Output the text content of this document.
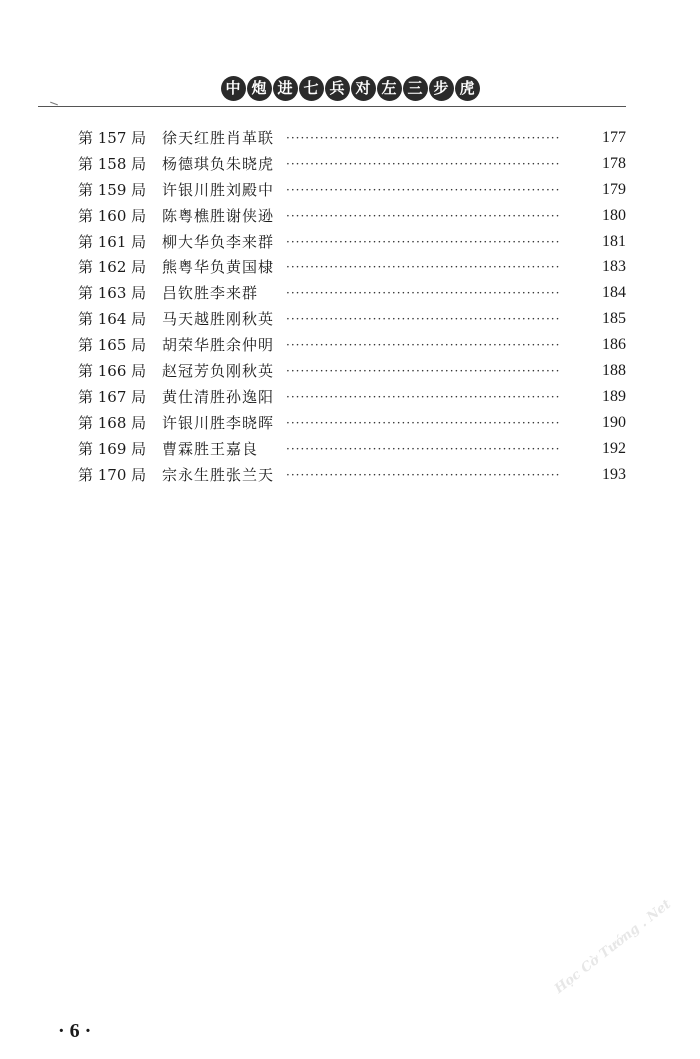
中 炮 进 七 兵 对 左 三 步 虎
第 157 局 徐天红胜肖革联 ·························································	177
第 158 局 杨德琪负朱晓虎 ·························································	178
第 159 局 许银川胜刘殿中 ·························································	179
第 160 局 陈粤樵胜谢侠逊 ·························································	180
第 161 局 柳大华负李来群 ·························································	181
第 162 局 熊粤华负黄国棣 ·························································	183
第 163 局 吕钦胜李来群 ·························································	184
第 164 局 马天越胜刚秋英 ·························································	185
第 165 局 胡荣华胜余仲明 ·························································	186
第 166 局 赵冠芳负刚秋英 ·························································	188
第 167 局 黄仕清胜孙逸阳 ·························································	189
第 168 局 许银川胜李晓晖 ·························································	190
第 169 局 曹霖胜王嘉良 ·························································	192
第 170 局 宗永生胜张兰天 ·························································	193
· 6 ·
Học Cờ Tướng . Net
